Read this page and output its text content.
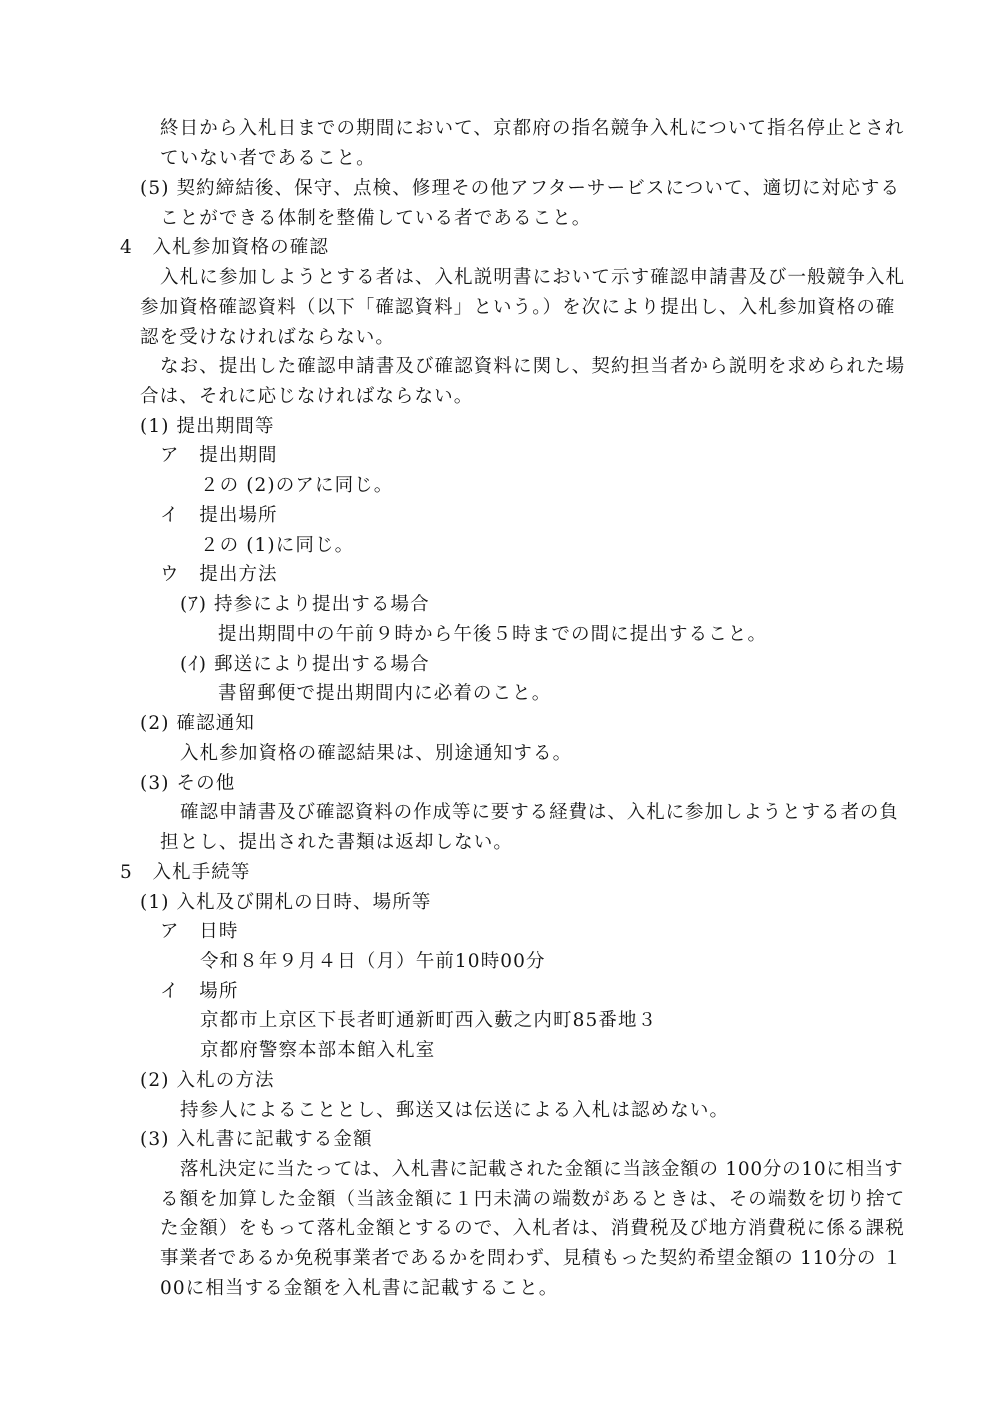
終日から入札日までの期間において、京都府の指名競争入札について指名停止とされ
ていない者であること。
(5) 契約締結後、保守、点検、修理その他アフターサービスについて、適切に対応する
ことができる体制を整備している者であること。
4　入札参加資格の確認
入札に参加しようとする者は、入札説明書において示す確認申請書及び一般競争入札
参加資格確認資料（以下「確認資料」という。）を次により提出し、入札参加資格の確
認を受けなければならない。
なお、提出した確認申請書及び確認資料に関し、契約担当者から説明を求められた場
合は、それに応じなければならない。
(1) 提出期間等
ア　提出期間
２の (2)のアに同じ。
イ　提出場所
２の (1)に同じ。
ウ　提出方法
(ｱ) 持参により提出する場合
提出期間中の午前９時から午後５時までの間に提出すること。
(ｲ) 郵送により提出する場合
書留郵便で提出期間内に必着のこと。
(2) 確認通知
入札参加資格の確認結果は、別途通知する。
(3) その他
確認申請書及び確認資料の作成等に要する経費は、入札に参加しようとする者の負
担とし、提出された書類は返却しない。
5　入札手続等
(1) 入札及び開札の日時、場所等
ア　日時
令和８年９月４日（月）午前10時00分
イ　場所
京都市上京区下長者町通新町西入藪之内町85番地３
京都府警察本部本館入札室
(2) 入札の方法
持参人によることとし、郵送又は伝送による入札は認めない。
(3) 入札書に記載する金額
落札決定に当たっては、入札書に記載された金額に当該金額の 100分の10に相当す
る額を加算した金額（当該金額に１円未満の端数があるときは、その端数を切り捨て
た金額）をもって落札金額とするので、入札者は、消費税及び地方消費税に係る課税
事業者であるか免税事業者であるかを問わず、見積もった契約希望金額の 110分の １
00に相当する金額を入札書に記載すること。
